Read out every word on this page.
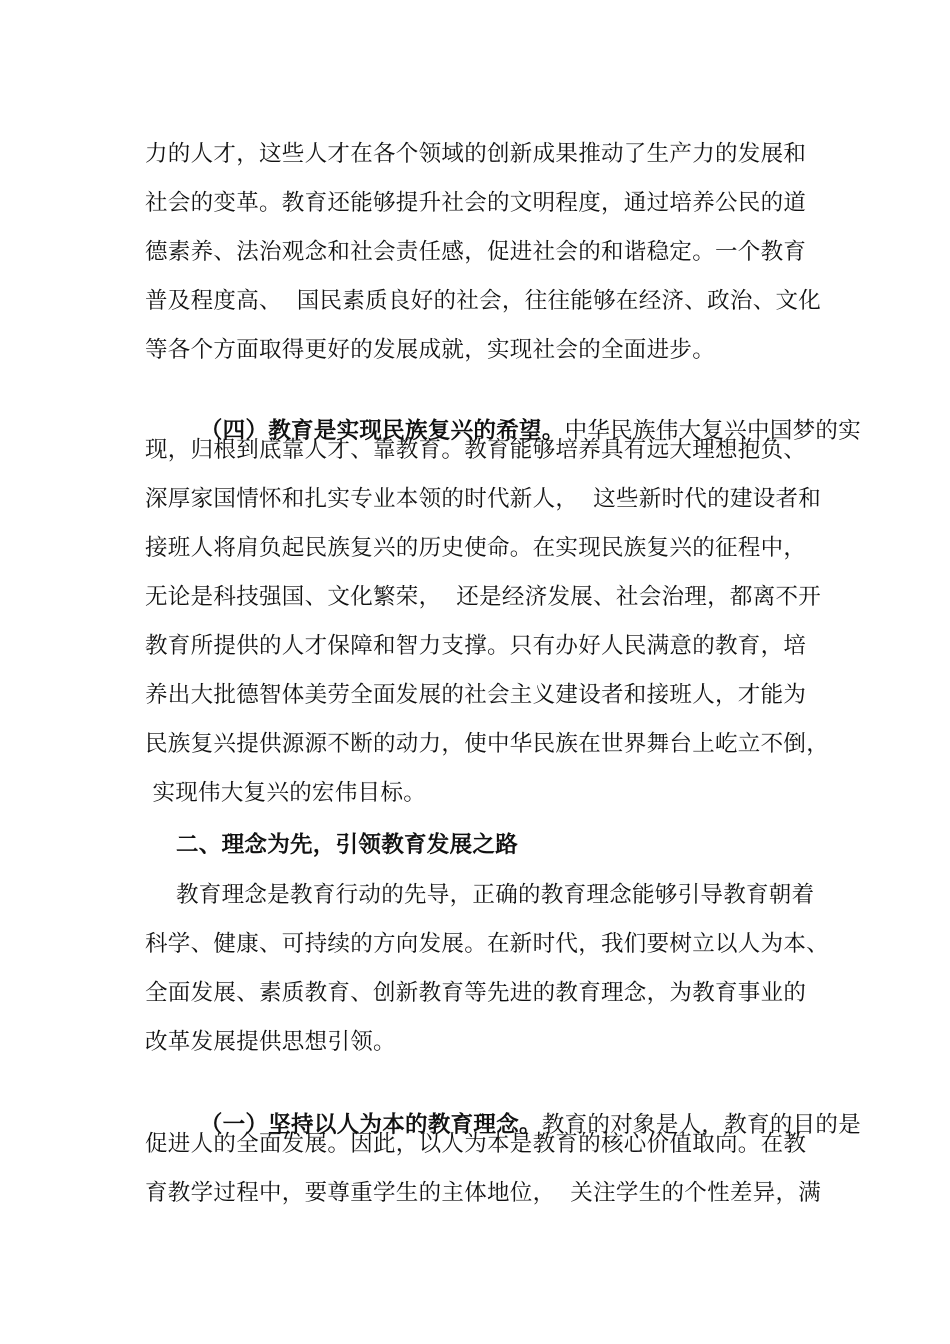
力的人才，这些人才在各个领域的创新成果推动了生产力的发展和
社会的变革。教育还能够提升社会的文明程度，通过培养公民的道
德素养、法治观念和社会责任感，促进社会的和谐稳定。一个教育
普及程度高、  国民素质良好的社会，往往能够在经济、政治、文化
等各个方面取得更好的发展成就，实现社会的全面进步。

（四）教育是实现民族复兴的希望。中华民族伟大复兴中国梦的实

现，归根到底靠人才、靠教育。教育能够培养具有远大理想抱负、
深厚家国情怀和扎实专业本领的时代新人，  这些新时代的建设者和
接班人将肩负起民族复兴的历史使命。在实现民族复兴的征程中，
无论是科技强国、文化繁荣，  还是经济发展、社会治理，都离不开
教育所提供的人才保障和智力支撑。只有办好人民满意的教育，培
养出大批德智体美劳全面发展的社会主义建设者和接班人，才能为
民族复兴提供源源不断的动力，使中华民族在世界舞台上屹立不倒，
实现伟大复兴的宏伟目标。
二、理念为先，引领教育发展之路
教育理念是教育行动的先导，正确的教育理念能够引导教育朝着
科学、健康、可持续的方向发展。在新时代，我们要树立以人为本、
全面发展、素质教育、创新教育等先进的教育理念，为教育事业的
改革发展提供思想引领。

（一）坚持以人为本的教育理念。教育的对象是人，教育的目的是

促进人的全面发展。因此，以人为本是教育的核心价值取向。在教
育教学过程中，要尊重学生的主体地位，  关注学生的个性差异，满
